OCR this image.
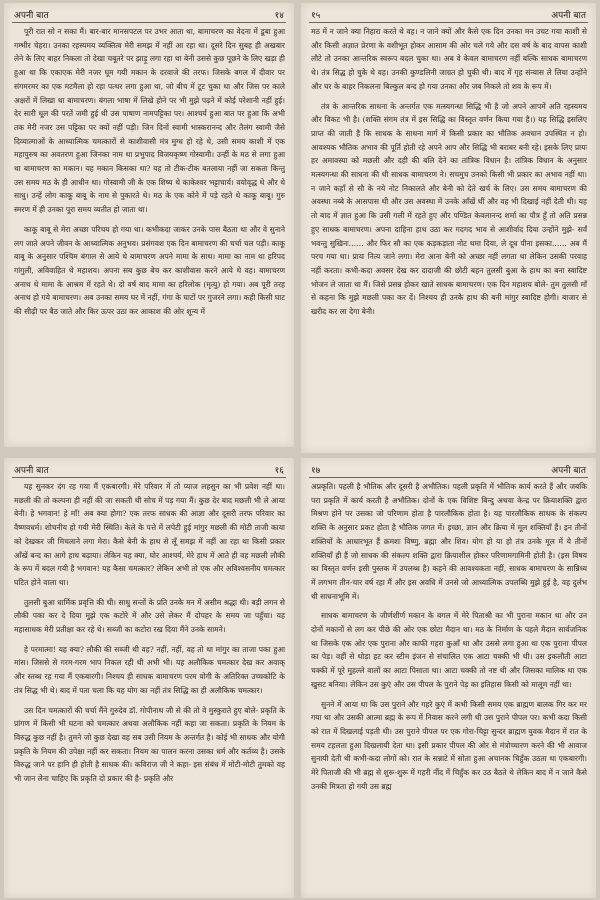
अपनी बात	१४

पूरी रात सो न सका मैं। बार-बार मानसपटल पर उभर आता था, बामाचरण का वेदना में डूबा हुआ गम्भीर चेहरा। उनका रहस्यमय व्यक्तित्व मेरी समझ में नहीं आ रहा था। दूसरे दिन सुबह ही अखबार लेने के लिए बाहर निकला तो देखा चबूतरे पर झाड़ू लगा रहा था बेनी उससे कुछ पूछने के लिए खड़ा ही हुआ था कि एकाएक मेरी नजर घूम गयी मकान के दरवाजे की तरफ। जिसके बगल में दीवार पर संगमरमर का एक मटमैला हो रहा पत्थर लगा हुआ था, जो बीच में टूट चुका था और जिस पर काले अक्षरों में लिखा था बामाचरण। बंगला भाषा में लिखे होने पर भी मुझे पढ़ने में कोई परेशानी नहीं हुई। देर सारी धूल की परतें जमी हुई थी उस पाषाण नामपट्टिका पर। आश्चर्य हुआ बात पर हुआ कि अभी तक मेरी नजर उस पट्टिका पर क्यों नहीं पड़ी। जिन दिनों स्वामी भास्करानन्द और तैलंग स्वामी जैसे दिव्यात्माओं के आध्यात्मिक चमत्कारों से काशीवासी मंत्र मुग्ध हो रहे थे, उसी समय काशी में एक महापुरुष का अवतरण हुआ जिनका नाम था प्रभुपाद विजयकृष्ण गोस्वामी। उन्हीं के मठ से लगा हुआ था बामाचरण का मकान। यह मकान किसका था? यह तो टीक-टीक बतलाया नहीं जा सकता किन्तु उस समय मठ के ही आधीन था। गोस्वामी जी के एक शिष्य थे काकेश्वर भट्टाचार्य। वयोवृद्ध थे और थे साधु। उन्हें लोग काकू बाबू के नाम से पुकारते थे। मठ के एक कोने में पड़े रहते थे काकू बाबू। गुरु स्मरण में ही उनका पूरा समय व्यतीत हो जाता था।

काकू बाबू से मेरा अच्छा परिचय हो गया था। कभीकदा जाकर उनके पास बैठता था और वे सुनाने लग जाते अपने जीवन के आध्यात्मिक अनुभव। प्रसंगवश एक दिन बामाचरण की चर्चा चल पड़ी। काकू बाबू के अनुसार पश्चिम बंगाल से आये थे बामाचरण अपने मामा के साथ। मामा का नाम था हरिपद गांगुली, अविवाहित थे महाशय। अपना सब कुछ बेच कर काशीवास करने आये थे वह। बामाचरण अनाथ थे मामा के आश्रम में रहते थे। दो वर्ष बाद मामा का हरिलोक (मृत्यु) हो गया। अब पूरी तरह अनाथ हो गये बामाचरण। अब उनका समय घर में नहीं, गंगा के घाटों पर गुजरने लगा। कही किसी घाट की सीढ़ी पर बैठ जाते और किर ऊपर उठा कर आकाश की ओर शून्य में

१५	अपनी बात

मठ में न जाने क्या निहारा करते थे वह। न जाने क्यों और कैसे एक दिन उनका मन उचट गया काशी से और किसी अज्ञात प्रेरणा के वशीभूत होकर आसाम की ओर चले गये और दस वर्ष के बाद वापस काशी लौटे तो उनका आन्तरिक स्वरूप बदल चुका था। अब वे केवल बामाचरण नहीं बल्कि साधक बामाचरण थे। तंत्र सिद्ध हो चुके थे वह। उनकी कुण्डलिनी जाग्रत हो चुकी थी। बाद में गृह संन्यास ले लिया उन्होंने और घर के बाहर निकलना बिल्कुल बन्द हो गया उनका और जब निकले तो शव के रूप में।

तंत्र के आन्तरिक साधना के अन्तर्गत एक मत्स्यगन्धा सिद्धि भी है जो अपने आपमें अति रहस्यमय और विकट भी है। (शक्ति संगम तंत्र में इस सिद्धि का विस्तृत वर्णन किया गया है।) यह सिद्धि इसलिए प्राप्त की जाती है कि साधक के साधना मार्ग में किसी प्रकार का भौतिक अवधान उपस्थित न हो। आवश्यक भौतिक अभाव की पूर्ति होती रहे अपने आप और सिद्धि भी बराबर बनी रहे। इसके लिए प्रायः हर अमावस्या को मछली और दही की बलि देने का तांत्रिक विधान है। तांत्रिक विधान के अनुसार मत्स्यगन्धा की साधना की थी साधक बामाचरण ने। सचमुच उनको किसी भी प्रकार का अभाव नहीं था। न जाने कहाँ से सौ के नये नोट निकालते और बेनी को देते खर्च के लिए। उस समय बामाचरण की अवस्था नब्बे के आसपास थी और उस अवस्था में उनके आँखें थीं और वह भी दिखाई नहीं देती थी। यह तो बाद में ज्ञात हुआ कि उसी गली में रहते हुए और पण्डित केवलानन्द शर्मा का पौत्र हूँ तो अति प्रसन्न हुए साधक बामाचरण। अपना दाहिना हाथ उठा कर गदगद भाव से आशीर्वाद दिया उन्होंने मुझे- सर्वं भवन्तु सुखिनः…… और फिर सौ का एक कड़कड़ाता नोट थमा दिया, ले दूध पीना इसका…… अब मैं परच गया था। प्रायः नित्य जाने लगा। मेरा आना बेनी को अच्छा नहीं लगता था लेकिन उसकी परवाह नहीं करता। कभी-कदा अवसर देख कर दादाजी की छोटी बहन तुलसी बुआ के हाथ का बना स्वादिष्ट भोजन ले जाता था मैं। जिसे प्रसन्न होकर खाते साधक बामाचरण। एक दिन महाशय बोले- तुम तुलसी माँ से कहना कि मुझे मछली पका कर दें। निश्चय ही उनके हाथ की बनी मांगुर स्वादिष्ट होगी। बाजार से खरीद कर ला देगा बेनी।

अपनी बात	१६

यह सुनकर दंग रह गया मैं एकबारगी। मेरे परिवार में तो प्याज लहसुन का भी प्रवेश नहीं था। मछली की तो कल्पना ही नहीं की जा सकती थी सोच में पड़ गया मैं। कुछ देर बाद मछली भी ले आया बेनी। हे भगवान! हे माँ! अब क्या होगा? एक तरफ साधक की आज्ञा और दूसरी तरफ परिवार का वैष्णवधर्म। शोचनीय हो गयी मेरी स्थिति। केले के पत्ते में लपेटी हुई मांगुर मछली की मोटी ताजी काया को देखकर जी मिचलाने लगा मेरा। कैसे बेनी के हाथ से लूँ समझ में नहीं आ रहा था किसी प्रकार आँखें बन्द का आगे हाथ बढ़ाया। लेकिन यह क्या, घोर आश्चर्य, मेरे हाथ में आते ही वह मछली लौकी के रूप में बदल गयी है भगवान! यह कैसा चमत्कार? लेकिन अभी तो एक और अविश्वसनीय चमत्कार घटित होने वाला था।

तुलसी बुआ धार्मिक प्रवृत्ति की थी। साधु सन्तों के प्रति उनके मन में असीम श्रद्धा थी। बड़ी लगन से लौकी पका कर दे दिया मुझे एक कटोरे में और उसे लेकर मैं दोपहर के समय जा पहुँचा। यह महासाधक मेरी प्रतीक्षा कर रहे थे। सब्जी का कटोरा रख दिया मैंने उनके सामने।

हे परमात्मा! यह क्या? लौकी की सब्जी थी वह? नहीं, नहीं, वह तो था मांगुर का ताजा पका हुआ मांस। जिससे से गरम-गरम भाप निकल रही थी अभी भी। यह अलौकिक चमत्कार देख कर अवाक् और स्तब्ध रह गया मैं एकबारगी। निश्चय ही साधक बामाचरण परम योगी के अतिरिक्त उच्चकोटि के तंत्र सिद्ध भी थे। बाद में पता चला कि यह योग का नहीं तंत्र सिद्धि का ही अलौकिक चमत्कार।

उस दिन चमत्कारों की चर्चा मैंने गुरुदेव डॉ. गोपीनाथ जी से की तो वे मुस्कुराते हुए बोले- प्रकृति के प्रांगण में किसी भी घटना को चमत्कार अथवा अलौकिक नहीं कहा जा सकता। प्रकृति के नियम के विरुद्ध कुछ नहीं है। तुमने जो कुछ देखा वह सब उसी नियम के अन्तर्गत है। कोई भी साधक और योगी प्रकृति के नियम की उपेक्षा नहीं कर सकता। नियम का पालन करना उसका धर्म और कर्तव्य है। उसके विरुद्ध जाने पर हानि ही होती है साधक की। कविराज जी ने कहा- इस संबंध में मोटी-मोटी तुमको यह भी जान लेना चाहिए कि प्रकृति दो प्रकार की है- प्रकृति और

१७	अपनी बात

अप्रकृति। पहली है भौतिक और दूसरी है अभौतिक। पहली प्रकृति में भौतिक कार्य करते हैं और जबकि परा प्रकृति में कार्य करती है अभौतिक। दोनों के एक विशिष्ट बिन्दु अथवा केन्द्र पर क्रियाशक्ति द्वारा मिश्रण होने पर उसका जो परिणाम होता है पारलौकिक होता है। यह पारलौकिक साधक के संकल्प शक्ति के अनुसार प्रकट होता है भौतिक जगत में। इच्छा, ज्ञान और क्रिया में मूल शक्तियाँ हैं। इन तीनों शक्तियों के आधारभूत हैं क्रमशः विष्णु, ब्रह्मा और शिव। योग हो या हो तंत्र उनके मूल में ये तीनों शक्तियाँ ही हैं जो साधक की संकल्प शक्ति द्वारा क्रियाशील होकर परिणामगामिनी होती है। (इस विषय का विस्तृत वर्णन इसी पुस्तक में उपलब्ध है) कहने की आवश्यकता नहीं, साधक बामाचरण के सान्निध्य में लगभग तीन-चार वर्ष रहा मैं और इस अवधि में उनसे जो आध्यात्मिक उपलब्धि मुझे हुई है, वह दुर्लभ थी साधनाभूमि में।

साधक बामाचरण के जीर्णशीर्ण मकान के बगल में मेरे पिताश्री का भी पुराना मकान था और उन दोनों मकानों से लग कर पीछे की ओर एक छोटा मैदान था। मठ के निर्माण के पहले मैदान सार्वजनिक था जिसके एक ओर एक पुराना और काफी गहरा कुआँ था और उससे लगा हुआ था एक पुराना पीपल का पेड़। वहीं से थोड़ा हट कर स्टीम इंजन से संचालित एक आटा चक्की भी थी। उस इकलौती आटा चक्की में पूरे मुहल्ले वालों का आटा पिसाता था। आटा चक्की तो नष्ट थी और जिसका मालिक था एक खुसट बनिया। लेकिन उस कुएं और उस पीपल के पुराने पेड़ का इतिहास किसी को मालूम नहीं था।

सुनने में आया था कि उस पुराने और गहरे कुएं में कभी किसी समय एक ब्राह्मण बालक गिर कर मर गया था और उसकी आत्मा ब्रह्म के रूप में निवास करने लगी थी उस पुराने पीपल पर। कभी कदा किसी को रात में दिखलाई पड़ती थी। उस पुराने पीपल पर एक गोरा-चिट्टा सुन्दर ब्राह्मण युवक मैदान में रात के समय टहलता हुआ दिखलायी देता था। इसी प्रकार पीपल की ओर से मंत्रोच्चारण करने की भी आवाज सुनायी देती थी कभी-कदा लोगों को। रात के सन्नाटे में सोता हुआ अचानक चिहुँक उठता था एकबारगी। मेरे पिताजी की भी ब्रह्म से शुरू-शुरू में गहरी नींद में चिहुँक कर उठ बैठते थे लेकिन बाद में न जाने कैसे उनकी मित्रता हो गयी उस ब्रह्म
